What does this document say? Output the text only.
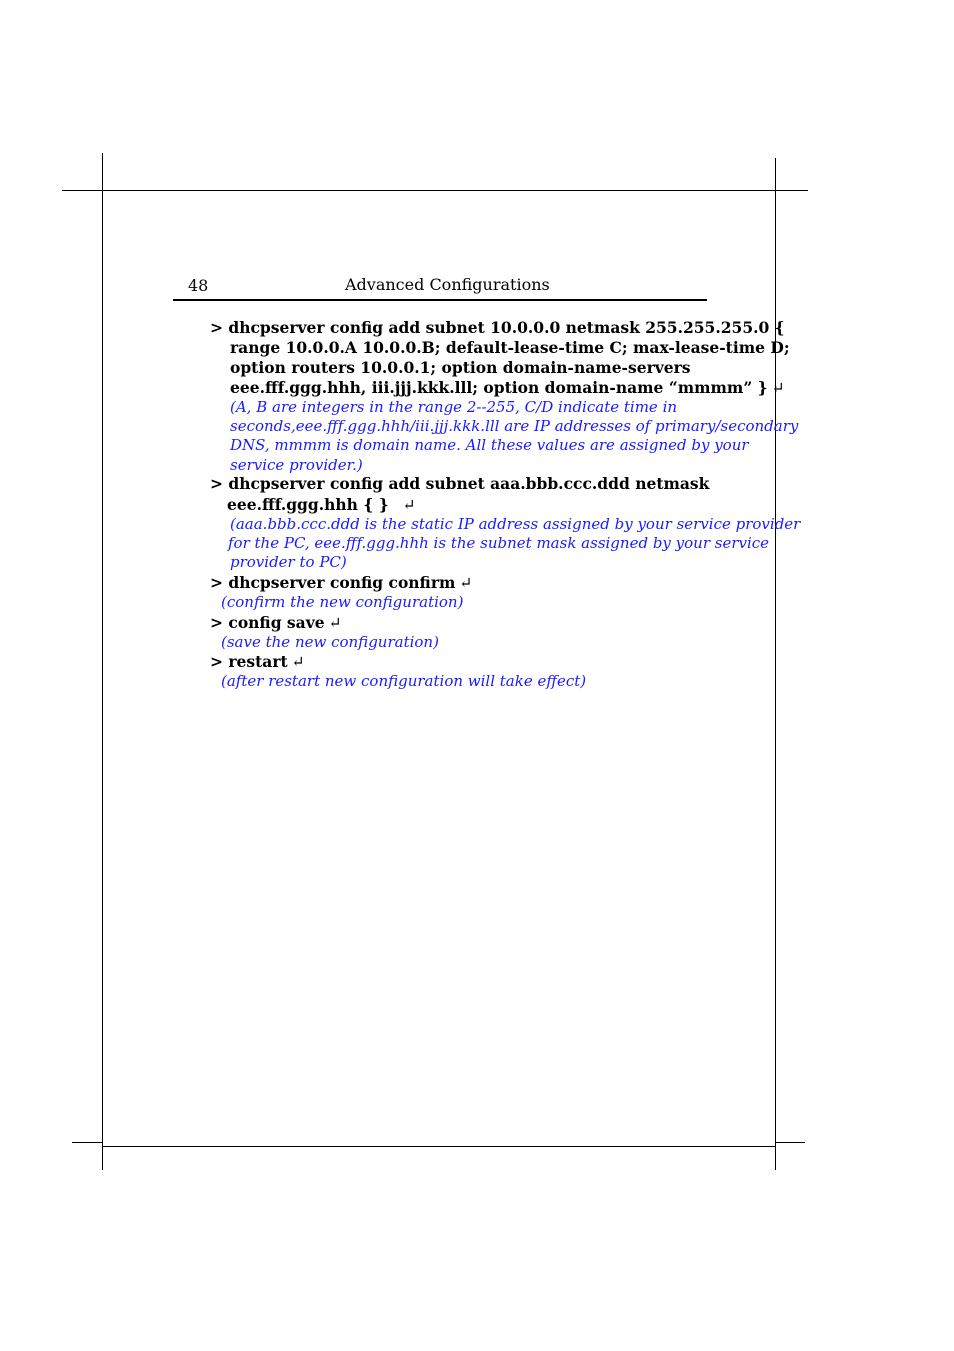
48	Advanced Configurations
> dhcpserver config add subnet 10.0.0.0 netmask 255.255.255.0 {
range 10.0.0.A 10.0.0.B; default-lease-time C; max-lease-time D;
option routers 10.0.0.1; option domain-name-servers
eee.fff.ggg.hhh, iii.jjj.kkk.lll; option domain-name “mmmm” } ↵
(A, B are integers in the range 2--255, C/D indicate time in
seconds,eee.fff.ggg.hhh/iii.jjj.kkk.lll are IP addresses of primary/secondary
DNS, mmmm is domain name. All these values are assigned by your
service provider.)
> dhcpserver config add subnet aaa.bbb.ccc.ddd netmask
eee.fff.ggg.hhh { } ↵
(aaa.bbb.ccc.ddd is the static IP address assigned by your service provider
for the PC, eee.fff.ggg.hhh is the subnet mask assigned by your service
provider to PC)
> dhcpserver config confirm ↵
(confirm the new configuration)
> config save ↵
(save the new configuration)
> restart ↵
(after restart new configuration will take effect)
